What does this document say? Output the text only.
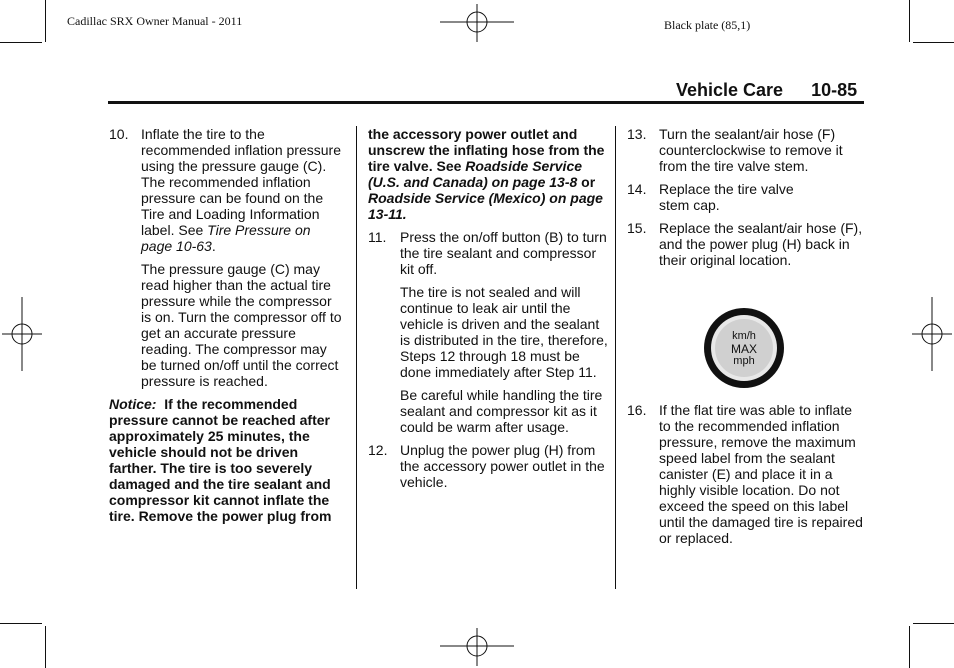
Cadillac SRX Owner Manual - 2011	Black plate (85,1)
Vehicle Care 10-85
10. Inflate the tire to the recommended inflation pressure using the pressure gauge (C). The recommended inflation pressure can be found on the Tire and Loading Information label. See Tire Pressure on page 10-63.
The pressure gauge (C) may read higher than the actual tire pressure while the compressor is on. Turn the compressor off to get an accurate pressure reading. The compressor may be turned on/off until the correct pressure is reached.
Notice: If the recommended pressure cannot be reached after approximately 25 minutes, the vehicle should not be driven farther. The tire is too severely damaged and the tire sealant and compressor kit cannot inflate the tire. Remove the power plug from
the accessory power outlet and unscrew the inflating hose from the tire valve. See Roadside Service (U.S. and Canada) on page 13-8 or Roadside Service (Mexico) on page 13-11.
11. Press the on/off button (B) to turn the tire sealant and compressor kit off.
The tire is not sealed and will continue to leak air until the vehicle is driven and the sealant is distributed in the tire, therefore, Steps 12 through 18 must be done immediately after Step 11.
Be careful while handling the tire sealant and compressor kit as it could be warm after usage.
12. Unplug the power plug (H) from the accessory power outlet in the vehicle.
13. Turn the sealant/air hose (F) counterclockwise to remove it from the tire valve stem.
14. Replace the tire valve stem cap.
15. Replace the sealant/air hose (F), and the power plug (H) back in their original location.
km/h
MAX
mph
16. If the flat tire was able to inflate to the recommended inflation pressure, remove the maximum speed label from the sealant canister (E) and place it in a highly visible location. Do not exceed the speed on this label until the damaged tire is repaired or replaced.
